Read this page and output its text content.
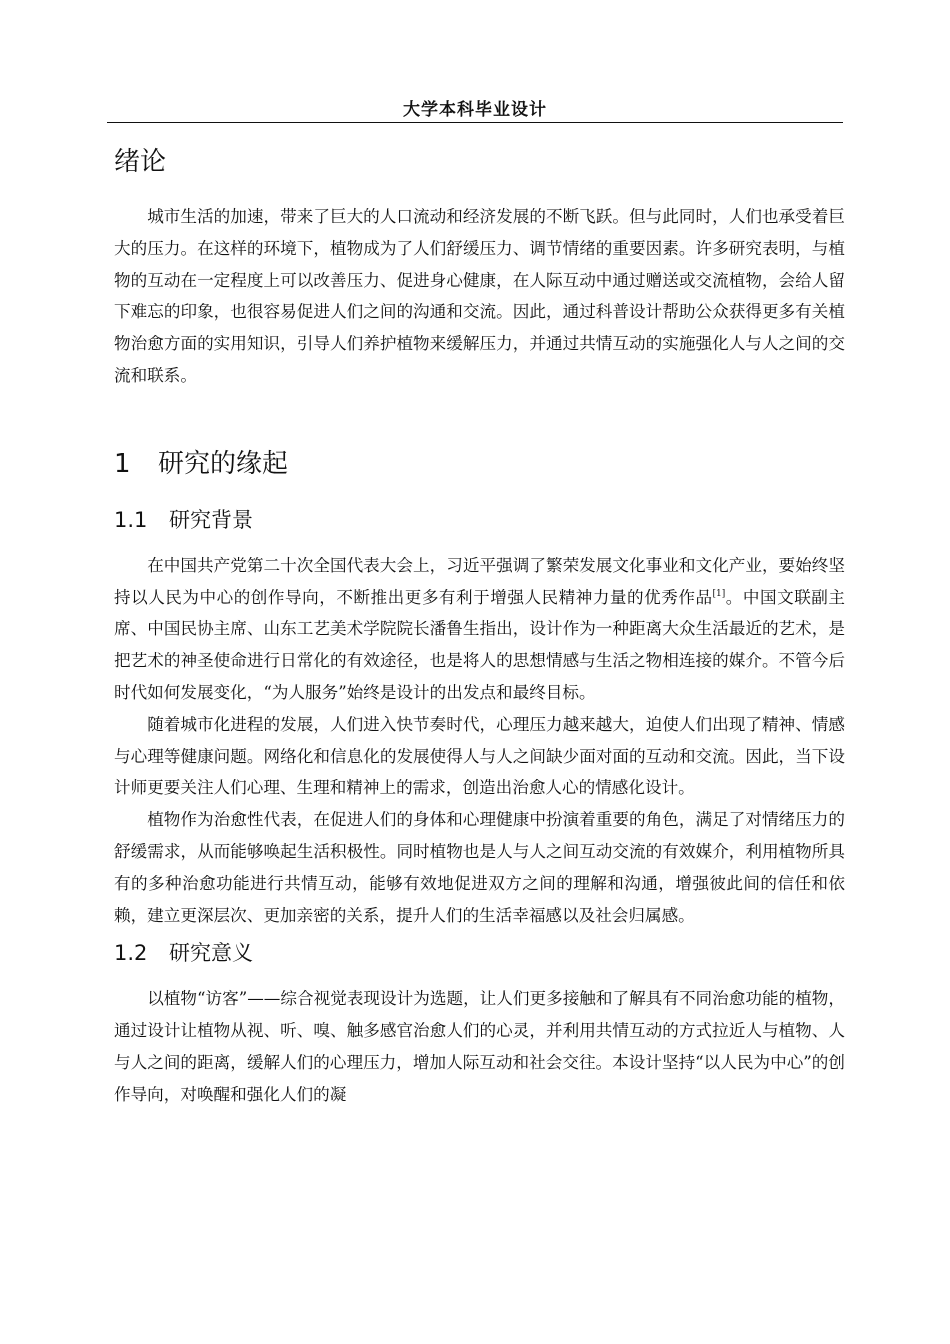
大学本科毕业设计
绪论

城市生活的加速，带来了巨大的人口流动和经济发展的不断飞跃。但与此同时，人们也承受着巨大的压力。在这样的环境下，植物成为了人们舒缓压力、调节情绪的重要因素。许多研究表明，与植物的互动在一定程度上可以改善压力、促进身心健康，在人际互动中通过赠送或交流植物，会给人留下难忘的印象，也很容易促进人们之间的沟通和交流。因此，通过科普设计帮助公众获得更多有关植物治愈方面的实用知识，引导人们养护植物来缓解压力，并通过共情互动的实施强化人与人之间的交流和联系。

1 研究的缘起
1.1 研究背景

在中国共产党第二十次全国代表大会上，习近平强调了繁荣发展文化事业和文化产业，要始终坚持以人民为中心的创作导向，不断推出更多有利于增强人民精神力量的优秀作品[1]。中国文联副主席、中国民协主席、山东工艺美术学院院长潘鲁生指出，设计作为一种距离大众生活最近的艺术，是把艺术的神圣使命进行日常化的有效途径，也是将人的思想情感与生活之物相连接的媒介。不管今后时代如何发展变化，“为人服务”始终是设计的出发点和最终目标。

随着城市化进程的发展，人们进入快节奏时代，心理压力越来越大，迫使人们出现了精神、情感与心理等健康问题。网络化和信息化的发展使得人与人之间缺少面对面的互动和交流。因此，当下设计师更要关注人们心理、生理和精神上的需求，创造出治愈人心的情感化设计。

植物作为治愈性代表，在促进人们的身体和心理健康中扮演着重要的角色，满足了对情绪压力的舒缓需求，从而能够唤起生活积极性。同时植物也是人与人之间互动交流的有效媒介，利用植物所具有的多种治愈功能进行共情互动，能够有效地促进双方之间的理解和沟通，增强彼此间的信任和依赖，建立更深层次、更加亲密的关系，提升人们的生活幸福感以及社会归属感。

1.2 研究意义

以植物“访客”——综合视觉表现设计为选题，让人们更多接触和了解具有不同治愈功能的植物，通过设计让植物从视、听、嗅、触多感官治愈人们的心灵，并利用共情互动的方式拉近人与植物、人与人之间的距离，缓解人们的心理压力，增加人际互动和社会交往。本设计坚持“以人民为中心”的创作导向，对唤醒和强化人们的凝
